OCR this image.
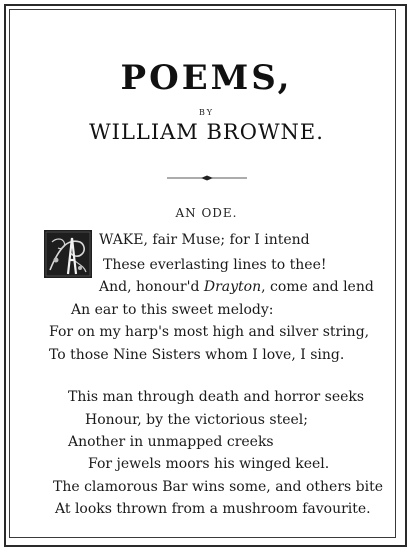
POEMS,
BY
WILLIAM BROWNE.
AN ODE.
WAKE, fair Muse; for I intend
These everlasting lines to thee!
And, honour'd Drayton, come and lend
An ear to this sweet melody:
For on my harp's most high and silver string,
To those Nine Sisters whom I love, I sing.
This man through death and horror seeks
Honour, by the victorious steel;
Another in unmapped creeks
For jewels moors his winged keel.
The clamorous Bar wins some, and others bite
At looks thrown from a mushroom favourite.
